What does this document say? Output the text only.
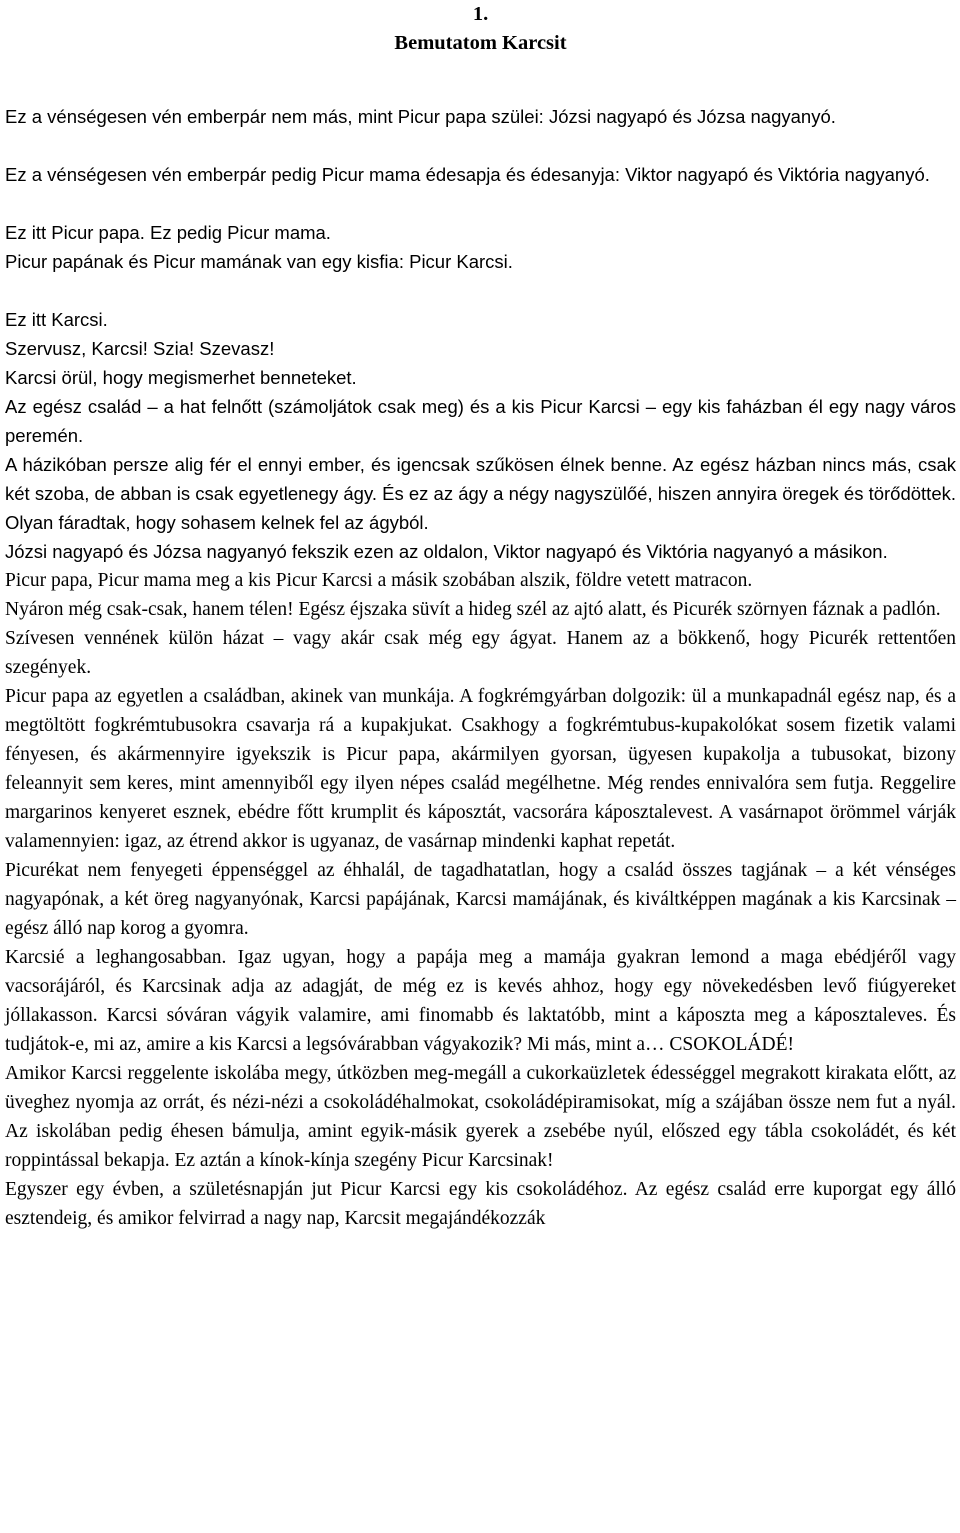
1.
Bemutatom Karcsit

Ez a vénségesen vén emberpár nem más, mint Picur papa szülei: Józsi nagyapó és Józsa nagyanyó.

Ez a vénségesen vén emberpár pedig Picur mama édesapja és édesanyja: Viktor nagyapó és Viktória nagyanyó.

Ez itt Picur papa. Ez pedig Picur mama.

Picur papának és Picur mamának van egy kisfia: Picur Karcsi.

Ez itt Karcsi.

Szervusz, Karcsi! Szia! Szevasz!

Karcsi örül, hogy megismerhet benneteket.

Az egész család – a hat felnőtt (számoljátok csak meg) és a kis Picur Karcsi – egy kis faházban él egy nagy város peremén.

A házikóban persze alig fér el ennyi ember, és igencsak szűkösen élnek benne. Az egész házban nincs más, csak két szoba, de abban is csak egyetlenegy ágy. És ez az ágy a négy nagyszülőé, hiszen annyira öregek és törődöttek. Olyan fáradtak, hogy sohasem kelnek fel az ágyból.

Józsi nagyapó és Józsa nagyanyó fekszik ezen az oldalon, Viktor nagyapó és Viktória nagyanyó a másikon.

Picur papa, Picur mama meg a kis Picur Karcsi a másik szobában alszik, földre vetett matracon.

Nyáron még csak-csak, hanem télen! Egész éjszaka süvít a hideg szél az ajtó alatt, és Picurék szörnyen fáznak a padlón.

Szívesen vennének külön házat – vagy akár csak még egy ágyat. Hanem az a bökkenő, hogy Picurék rettentően szegények.

Picur papa az egyetlen a családban, akinek van munkája. A fogkrémgyárban dolgozik: ül a munkapadnál egész nap, és a megtöltött fogkrémtubusokra csavarja rá a kupakjukat. Csakhogy a fogkrémtubus-kupakolókat sosem fizetik valami fényesen, és akármennyire igyekszik is Picur papa, akármilyen gyorsan, ügyesen kupakolja a tubusokat, bizony feleannyit sem keres, mint amennyiből egy ilyen népes család megélhetne. Még rendes ennivalóra sem futja. Reggelire margarinos kenyeret esznek, ebédre főtt krumplit és káposztát, vacsorára káposztalevest. A vasárnapot örömmel várják valamennyien: igaz, az étrend akkor is ugyanaz, de vasárnap mindenki kaphat repetát.

Picurékat nem fenyegeti éppenséggel az éhhalál, de tagadhatatlan, hogy a család összes tagjának – a két vénséges nagyapónak, a két öreg nagyanyónak, Karcsi papájának, Karcsi mamájának, és kiváltképpen magának a kis Karcsinak – egész álló nap korog a gyomra.

Karcsié a leghangosabban. Igaz ugyan, hogy a papája meg a mamája gyakran lemond a maga ebédjéről vagy vacsorájáról, és Karcsinak adja az adagját, de még ez is kevés ahhoz, hogy egy növekedésben levő fiúgyereket jóllakasson. Karcsi sóváran vágyik valamire, ami finomabb és laktatóbb, mint a káposzta meg a káposztaleves. És tudjátok-e, mi az, amire a kis Karcsi a legsóvárabban vágyakozik? Mi más, mint a… CSOKOLÁDÉ!

Amikor Karcsi reggelente iskolába megy, útközben meg-megáll a cukorkaüzletek édességgel megrakott kirakata előtt, az üveghez nyomja az orrát, és nézi-nézi a csokoládéhalmokat, csokoládépiramisokat, míg a szájában össze nem fut a nyál. Az iskolában pedig éhesen bámulja, amint egyik-másik gyerek a zsebébe nyúl, előszed egy tábla csokoládét, és két roppintással bekapja. Ez aztán a kínok-kínja szegény Picur Karcsinak!

Egyszer egy évben, a születésnapján jut Picur Karcsi egy kis csokoládéhoz. Az egész család erre kuporgat egy álló esztendeig, és amikor felvirrad a nagy nap, Karcsit megajándékozzák
